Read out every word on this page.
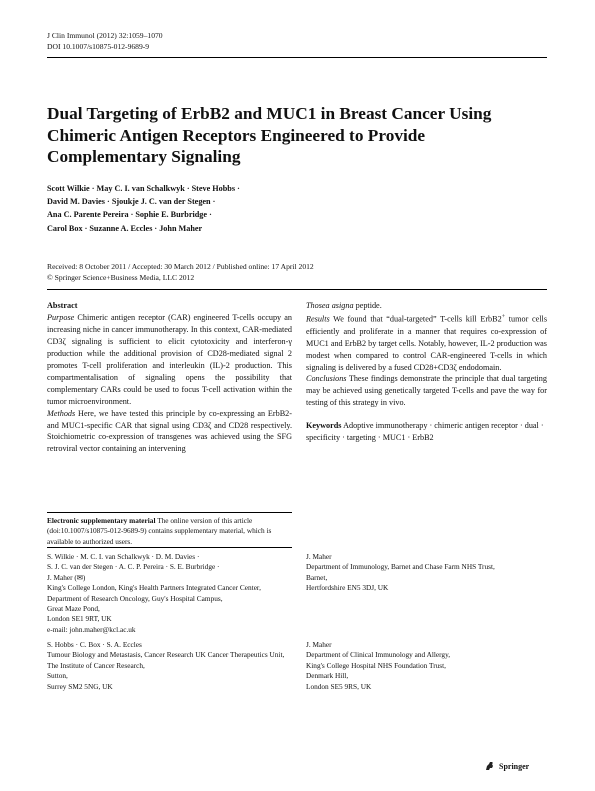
J Clin Immunol (2012) 32:1059–1070
DOI 10.1007/s10875-012-9689-9
Dual Targeting of ErbB2 and MUC1 in Breast Cancer Using Chimeric Antigen Receptors Engineered to Provide Complementary Signaling
Scott Wilkie · May C. I. van Schalkwyk · Steve Hobbs ·
David M. Davies · Sjoukje J. C. van der Stegen ·
Ana C. Parente Pereira · Sophie E. Burbridge ·
Carol Box · Suzanne A. Eccles · John Maher
Received: 8 October 2011 / Accepted: 30 March 2012 / Published online: 17 April 2012
© Springer Science+Business Media, LLC 2012

Abstract

Purpose Chimeric antigen receptor (CAR) engineered T-cells occupy an increasing niche in cancer immunotherapy. In this context, CAR-mediated CD3ζ signaling is sufficient to elicit cytotoxicity and interferon-γ production while the additional provision of CD28-mediated signal 2 promotes T-cell proliferation and interleukin (IL)-2 production. This compartmentalisation of signaling opens the possibility that complementary CARs could be used to focus T-cell activation within the tumor microenvironment.

Methods Here, we have tested this principle by co-expressing an ErbB2- and MUC1-specific CAR that signal using CD3ζ and CD28 respectively. Stoichiometric co-expression of transgenes was achieved using the SFG retroviral vector containing an intervening

Thosea asigna peptide.

Results We found that “dual-targeted” T-cells kill ErbB2+ tumor cells efficiently and proliferate in a manner that requires co-expression of MUC1 and ErbB2 by target cells. Notably, however, IL-2 production was modest when compared to control CAR-engineered T-cells in which signaling is delivered by a fused CD28+CD3ζ endodomain.

Conclusions These findings demonstrate the principle that dual targeting may be achieved using genetically targeted T-cells and pave the way for testing of this strategy in vivo.

Keywords Adoptive immunotherapy · chimeric antigen receptor · dual · specificity · targeting · MUC1 · ErbB2

Electronic supplementary material The online version of this article (doi:10.1007/s10875-012-9689-9) contains supplementary material, which is available to authorized users.

S. Wilkie · M. C. I. van Schalkwyk · D. M. Davies ·

S. J. C. van der Stegen · A. C. P. Pereira · S. E. Burbridge ·

J. Maher (✉)

King's College London, King's Health Partners Integrated Cancer Center, Department of Research Oncology, Guy's Hospital Campus,

Great Maze Pond,

London SE1 9RT, UK

e-mail: john.maher@kcl.ac.uk

J. Maher

Department of Immunology, Barnet and Chase Farm NHS Trust,

Barnet,

Hertfordshire EN5 3DJ, UK

S. Hobbs · C. Box · S. A. Eccles

Tumour Biology and Metastasis, Cancer Research UK Cancer Therapeutics Unit, The Institute of Cancer Research,

Sutton,

Surrey SM2 5NG, UK

J. Maher

Department of Clinical Immunology and Allergy,

King's College Hospital NHS Foundation Trust,

Denmark Hill,

London SE5 9RS, UK

Springer
